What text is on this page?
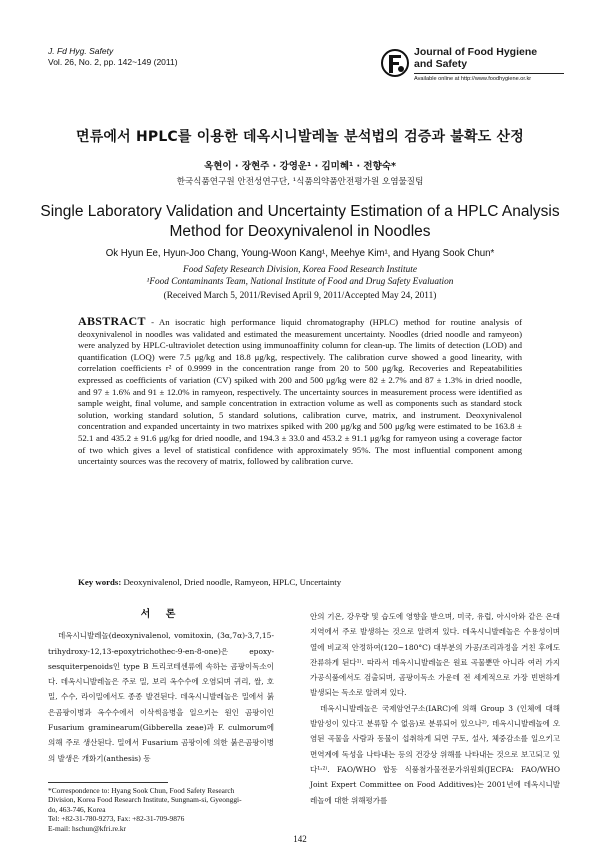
J. Fd Hyg. Safety
Vol. 26, No. 2, pp. 142~149 (2011)
Journal of Food Hygiene
and Safety
Available online at http://www.foodhygiene.or.kr
면류에서 HPLC를 이용한 데옥시니발레놀 분석법의 검증과 불확도 산정
옥현이 · 장현주 · 강영운¹ · 김미혜¹ · 전향숙*
한국식품연구원 안전성연구단, ¹식품의약품안전평가원 오염물질팀
Single Laboratory Validation and Uncertainty Estimation of a HPLC Analysis
Method for Deoxynivalenol in Noodles
Ok Hyun Ee, Hyun-Joo Chang, Young-Woon Kang¹, Meehye Kim¹, and Hyang Sook Chun*
Food Safety Research Division, Korea Food Research Institute
¹Food Contaminants Team, National Institute of Food and Drug Safety Evaluation
(Received March 5, 2011/Revised April 9, 2011/Accepted May 24, 2011)

ABSTRACT - An isocratic high performance liquid chromatography (HPLC) method for routine analysis of deoxynivalenol in noodles was validated and estimated the measurement uncertainty. Noodles (dried noodle and ramyeon) were analyzed by HPLC-ultraviolet detection using immunoaffinity column for clean-up. The limits of detection (LOD) and quantification (LOQ) were 7.5 μg/kg and 18.8 μg/kg, respectively. The calibration curve showed a good linearity, with correlation coefficients r² of 0.9999 in the concentration range from 20 to 500 μg/kg. Recoveries and Repeatabilities expressed as coefficients of variation (CV) spiked with 200 and 500 μg/kg were 82 ± 2.7% and 87 ± 1.3% in dried noodle, and 97 ± 1.6% and 91 ± 12.0% in ramyeon, respectively. The uncertainty sources in measurement process were identified as sample weight, final volume, and sample concentration in extraction volume as well as components such as standard stock solution, working standard solution, 5 standard solutions, calibration curve, matrix, and instrument. Deoxynivalenol concentration and expanded uncertainty in two matrixes spiked with 200 μg/kg and 500 μg/kg were estimated to be 163.8 ± 52.1 and 435.2 ± 91.6 μg/kg for dried noodle, and 194.3 ± 33.0 and 453.2 ± 91.1 μg/kg for ramyeon using a coverage factor of two which gives a level of statistical confidence with approximately 95%. The most influential component among uncertainty sources was the recovery of matrix, followed by calibration curve.

Key words: Deoxynivalenol, Dried noodle, Ramyeon, HPLC, Uncertainty
서 론

데옥시니발레놀(deoxynivalenol, vomitoxin, (3α,7α)-3,7,15-trihydroxy-12,13-epoxytrichothec-9-en-8-one)은 epoxy-sesquiterpenoids인 type B 트리코테센류에 속하는 곰팡이독소이다. 데옥시니발레놀은 주로 밀, 보리 옥수수에 오염되며 귀리, 쌀, 호밀, 수수, 라이밀에서도 종종 발견된다. 데옥시니발레놀은 밀에서 붉은곰팡이병과 옥수수에서 이삭썩음병을 일으키는 원인 곰팡이인 Fusarium graminearum(Gibberella zeae)과 F. culmorum에 의해 주로 생산된다. 밀에서 Fusarium 곰팡이에 의한 붉은곰팡이병의 발생은 개화기(anthesis) 동

안의 기온, 강우량 및 습도에 영향을 받으며, 미국, 유럽, 아시아와 같은 온대지역에서 주로 발생하는 것으로 알려져 있다. 데옥시니발레놀은 수용성이며 열에 비교적 안정하여(120~180°C) 대부분의 가공/조리과정을 거친 후에도 잔류하게 된다¹⁾. 따라서 데옥시니발레놀은 원료 곡물뿐만 아니라 여러 가지 가공식품에서도 검출되며, 곰팡이독소 가운데 전 세계적으로 가장 빈번하게 발생되는 독소로 알려져 있다.

데옥시니발레놀은 국제암연구소(IARC)에 의해 Group 3 (인체에 대해 발암성이 있다고 분류할 수 없음)로 분류되어 있으나²⁾, 데옥시니발레놀에 오염된 곡물을 사람과 동물이 섭취하게 되면 구토, 설사, 체중감소를 일으키고 면역계에 독성을 나타내는 등의 건강상 위해를 나타내는 것으로 보고되고 있다¹˒²⁾. FAO/WHO 합동 식품첨가물전문가위원회(JECFA: FAO/WHO Joint Expert Committee on Food Additives)는 2001년에 데옥시니발레놀에 대한 위해평가를

*Correspondence to: Hyang Sook Chun, Food Safety Research
Division, Korea Food Research Institute, Sungnam-si, Gyeonggi-
do, 463-746, Korea
Tel: +82-31-780-9273, Fax: +82-31-709-9876
E-mail: hschun@kfri.re.kr
142
